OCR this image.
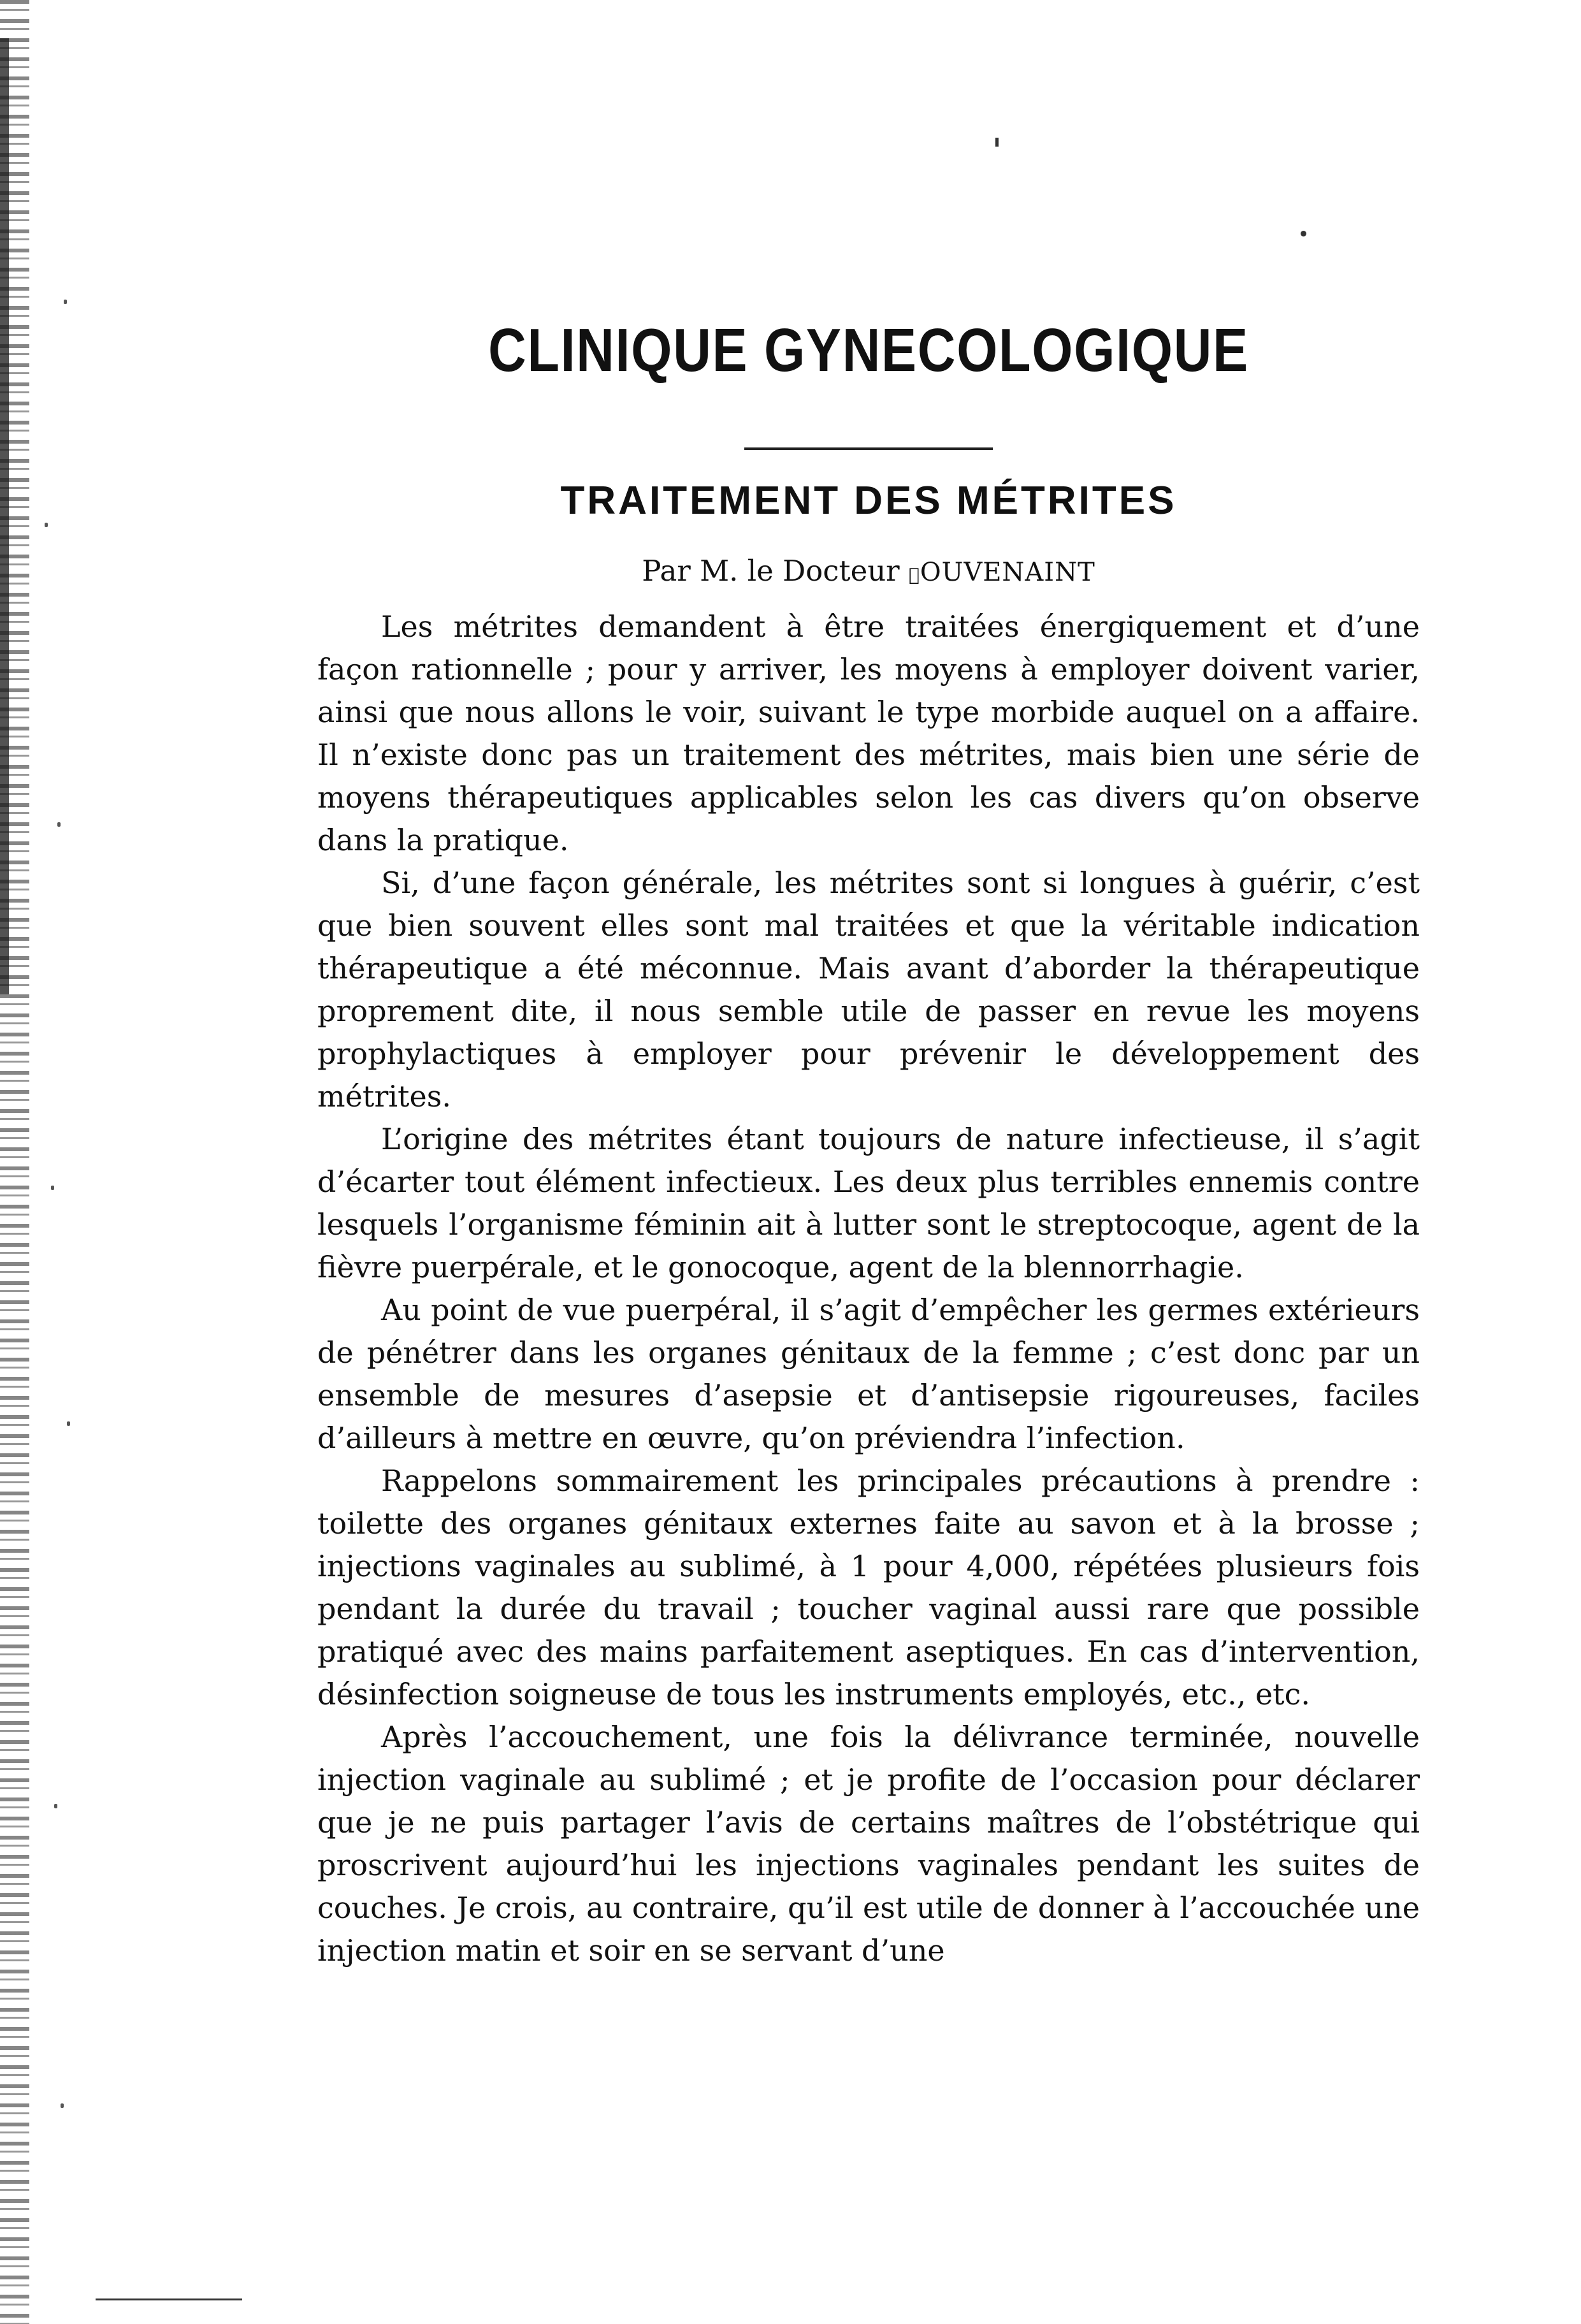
CLINIQUE GYNECOLOGIQUE
TRAITEMENT DES MÉTRITES
Par M. le Docteur ɪOUVENAINT

Les métrites demandent à être traitées énergiquement et d’une façon rationnelle ; pour y arriver, les moyens à employer doivent varier, ainsi que nous allons le voir, suivant le type morbide auquel on a affaire. Il n’existe donc pas un traitement des métrites, mais bien une série de moyens thérapeutiques applicables selon les cas divers qu’on observe dans la pratique.

Si, d’une façon générale, les métrites sont si longues à guérir, c’est que bien souvent elles sont mal traitées et que la véritable indication thérapeutique a été méconnue. Mais avant d’aborder la thérapeutique proprement dite, il nous semble utile de passer en revue les moyens prophylactiques à employer pour prévenir le développement des métrites.

L’origine des métrites étant toujours de nature infectieuse, il s’agit d’écarter tout élément infectieux. Les deux plus terribles ennemis contre lesquels l’organisme féminin ait à lutter sont le streptocoque, agent de la fièvre puerpérale, et le gonocoque, agent de la blennorrhagie.

Au point de vue puerpéral, il s’agit d’empêcher les germes extérieurs de pénétrer dans les organes génitaux de la femme ; c’est donc par un ensemble de mesures d’asepsie et d’antisepsie rigoureuses, faciles d’ailleurs à mettre en œuvre, qu’on préviendra l’infection.

Rappelons sommairement les principales précautions à prendre : toilette des organes génitaux externes faite au savon et à la brosse ; injections vaginales au sublimé, à 1 pour 4,000, répétées plusieurs fois pendant la durée du travail ; toucher vaginal aussi rare que possible pratiqué avec des mains parfaitement aseptiques. En cas d’intervention, désinfection soigneuse de tous les instruments employés, etc., etc.

Après l’accouchement, une fois la délivrance terminée, nouvelle injection vaginale au sublimé ; et je profite de l’occasion pour déclarer que je ne puis partager l’avis de certains maîtres de l’obstétrique qui proscrivent aujourd’hui les injections vaginales pendant les suites de couches. Je crois, au contraire, qu’il est utile de donner à l’accouchée une injection matin et soir en se servant d’une
